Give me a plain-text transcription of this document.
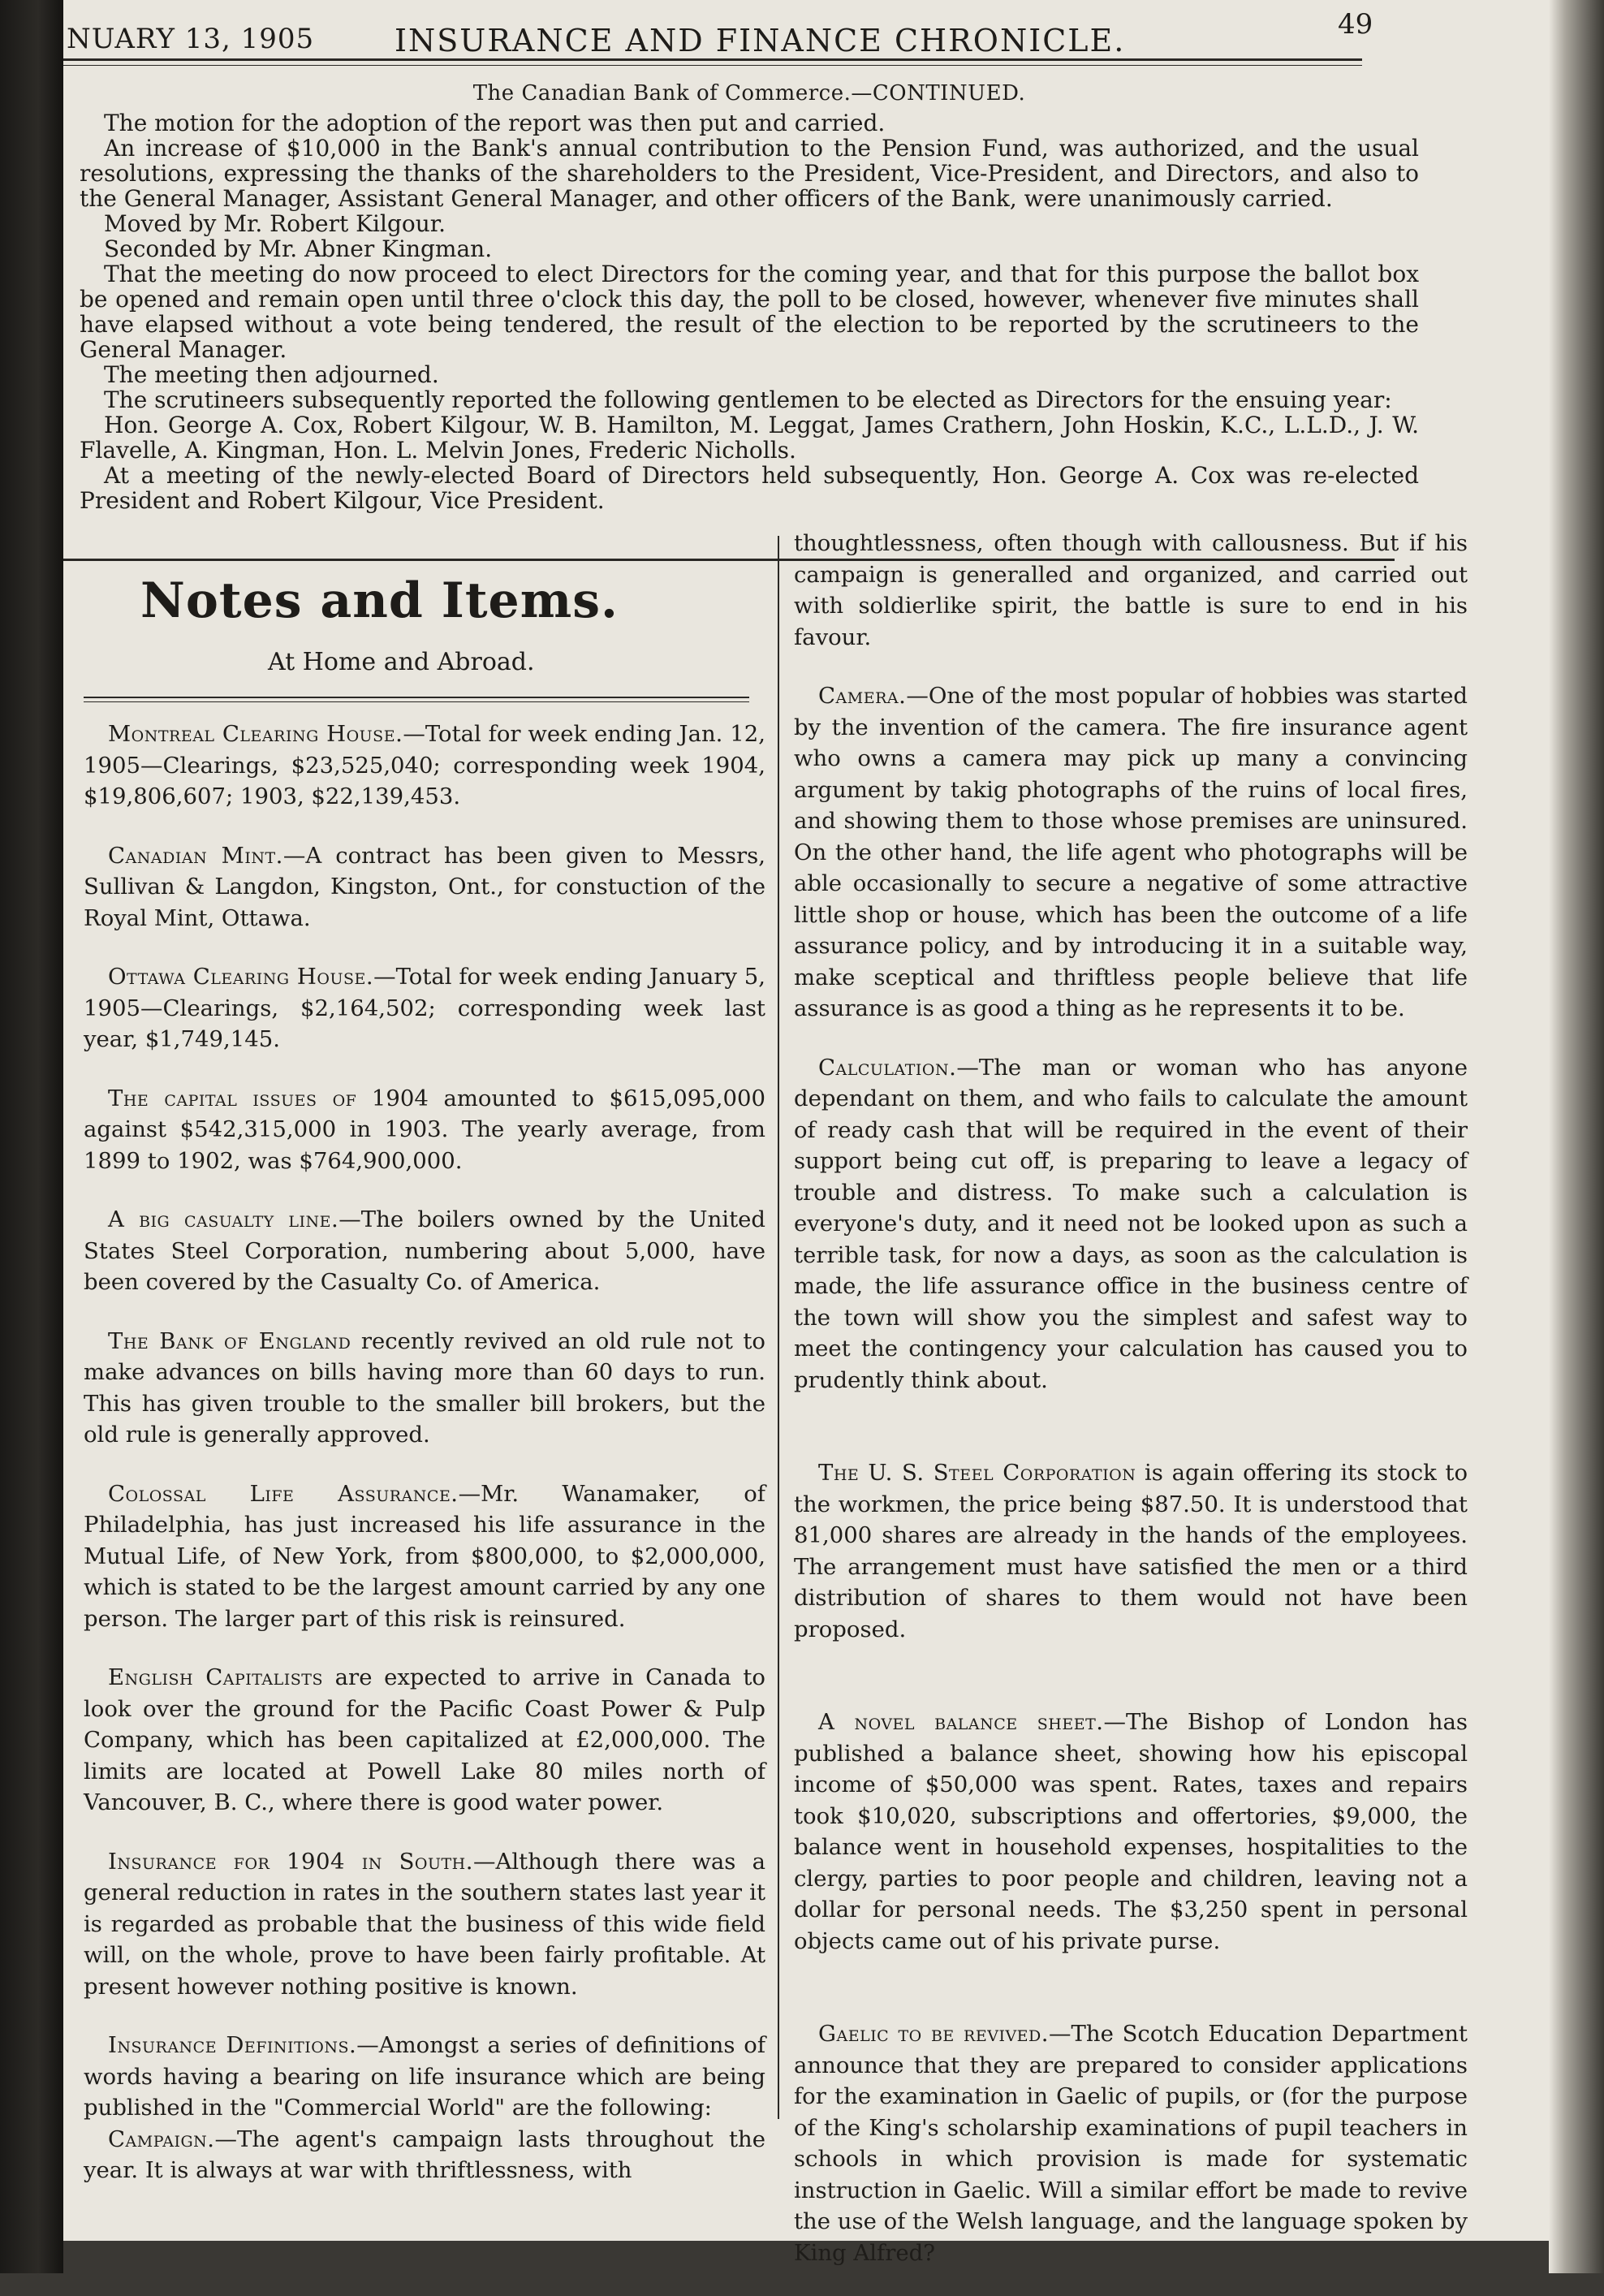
NUARY 13, 1905	INSURANCE AND FINANCE CHRONICLE.	49
The Canadian Bank of Commerce.—CONTINUED.

The motion for the adoption of the report was then put and carried.

An increase of $10,000 in the Bank's annual contribution to the Pension Fund, was authorized, and the usual resolutions, expressing the thanks of the shareholders to the President, Vice-President, and Directors, and also to the General Manager, Assistant General Manager, and other officers of the Bank, were unanimously carried.

Moved by Mr. Robert Kilgour.

Seconded by Mr. Abner Kingman.

That the meeting do now proceed to elect Directors for the coming year, and that for this purpose the ballot box be opened and remain open until three o'clock this day, the poll to be closed, however, whenever five minutes shall have elapsed without a vote being tendered, the result of the election to be reported by the scrutineers to the General Manager.

The meeting then adjourned.

The scrutineers subsequently reported the following gentlemen to be elected as Directors for the ensuing year:

Hon. George A. Cox, Robert Kilgour, W. B. Hamilton, M. Leggat, James Crathern, John Hoskin, K.C., L.L.D., J. W. Flavelle, A. Kingman, Hon. L. Melvin Jones, Frederic Nicholls.

At a meeting of the newly-elected Board of Directors held subsequently, Hon. George A. Cox was re-elected President and Robert Kilgour, Vice President.

Notes and Items.
At Home and Abroad.

Montreal Clearing House.—Total for week ending Jan. 12, 1905—Clearings, $23,525,040; corresponding week 1904, $19,806,607; 1903, $22,139,453.

Canadian Mint.—A contract has been given to Messrs, Sullivan & Langdon, Kingston, Ont., for constuction of the Royal Mint, Ottawa.

Ottawa Clearing House.—Total for week ending January 5, 1905—Clearings, $2,164,502; corresponding week last year, $1,749,145.

The capital issues of 1904 amounted to $615,095,000 against $542,315,000 in 1903. The yearly average, from 1899 to 1902, was $764,900,000.

A big casualty line.—The boilers owned by the United States Steel Corporation, numbering about 5,000, have been covered by the Casualty Co. of America.

The Bank of England recently revived an old rule not to make advances on bills having more than 60 days to run. This has given trouble to the smaller bill brokers, but the old rule is generally approved.

Colossal Life Assurance.—Mr. Wanamaker, of Philadelphia, has just increased his life assurance in the Mutual Life, of New York, from $800,000, to $2,000,000, which is stated to be the largest amount carried by any one person. The larger part of this risk is reinsured.

English Capitalists are expected to arrive in Canada to look over the ground for the Pacific Coast Power & Pulp Company, which has been capitalized at £2,000,000. The limits are located at Powell Lake 80 miles north of Vancouver, B. C., where there is good water power.

Insurance for 1904 in South.—Although there was a general reduction in rates in the southern states last year it is regarded as probable that the business of this wide field will, on the whole, prove to have been fairly profitable. At present however nothing positive is known.

Insurance Definitions.—Amongst a series of definitions of words having a bearing on life insurance which are being published in the "Commercial World" are the following:

Campaign.—The agent's campaign lasts throughout the year. It is always at war with thriftlessness, with

thoughtlessness, often though with callousness. But if his campaign is generalled and organized, and carried out with soldierlike spirit, the battle is sure to end in his favour.

Camera.—One of the most popular of hobbies was started by the invention of the camera. The fire insurance agent who owns a camera may pick up many a convincing argument by takig photographs of the ruins of local fires, and showing them to those whose premises are uninsured. On the other hand, the life agent who photographs will be able occasionally to secure a negative of some attractive little shop or house, which has been the outcome of a life assurance policy, and by introducing it in a suitable way, make sceptical and thriftless people believe that life assurance is as good a thing as he represents it to be.

Calculation.—The man or woman who has anyone dependant on them, and who fails to calculate the amount of ready cash that will be required in the event of their support being cut off, is preparing to leave a legacy of trouble and distress. To make such a calculation is everyone's duty, and it need not be looked upon as such a terrible task, for now a days, as soon as the calculation is made, the life assurance office in the business centre of the town will show you the simplest and safest way to meet the contingency your calculation has caused you to prudently think about.

The U. S. Steel Corporation is again offering its stock to the workmen, the price being $87.50. It is understood that 81,000 shares are already in the hands of the employees. The arrangement must have satisfied the men or a third distribution of shares to them would not have been proposed.

A novel balance sheet.—The Bishop of London has published a balance sheet, showing how his episcopal income of $50,000 was spent. Rates, taxes and repairs took $10,020, subscriptions and offertories, $9,000, the balance went in household expenses, hospitalities to the clergy, parties to poor people and children, leaving not a dollar for personal needs. The $3,250 spent in personal objects came out of his private purse.

Gaelic to be revived.—The Scotch Education Department announce that they are prepared to consider applications for the examination in Gaelic of pupils, or (for the purpose of the King's scholarship examinations of pupil teachers in schools in which provision is made for systematic instruction in Gaelic. Will a similar effort be made to revive the use of the Welsh language, and the language spoken by King Alfred?
